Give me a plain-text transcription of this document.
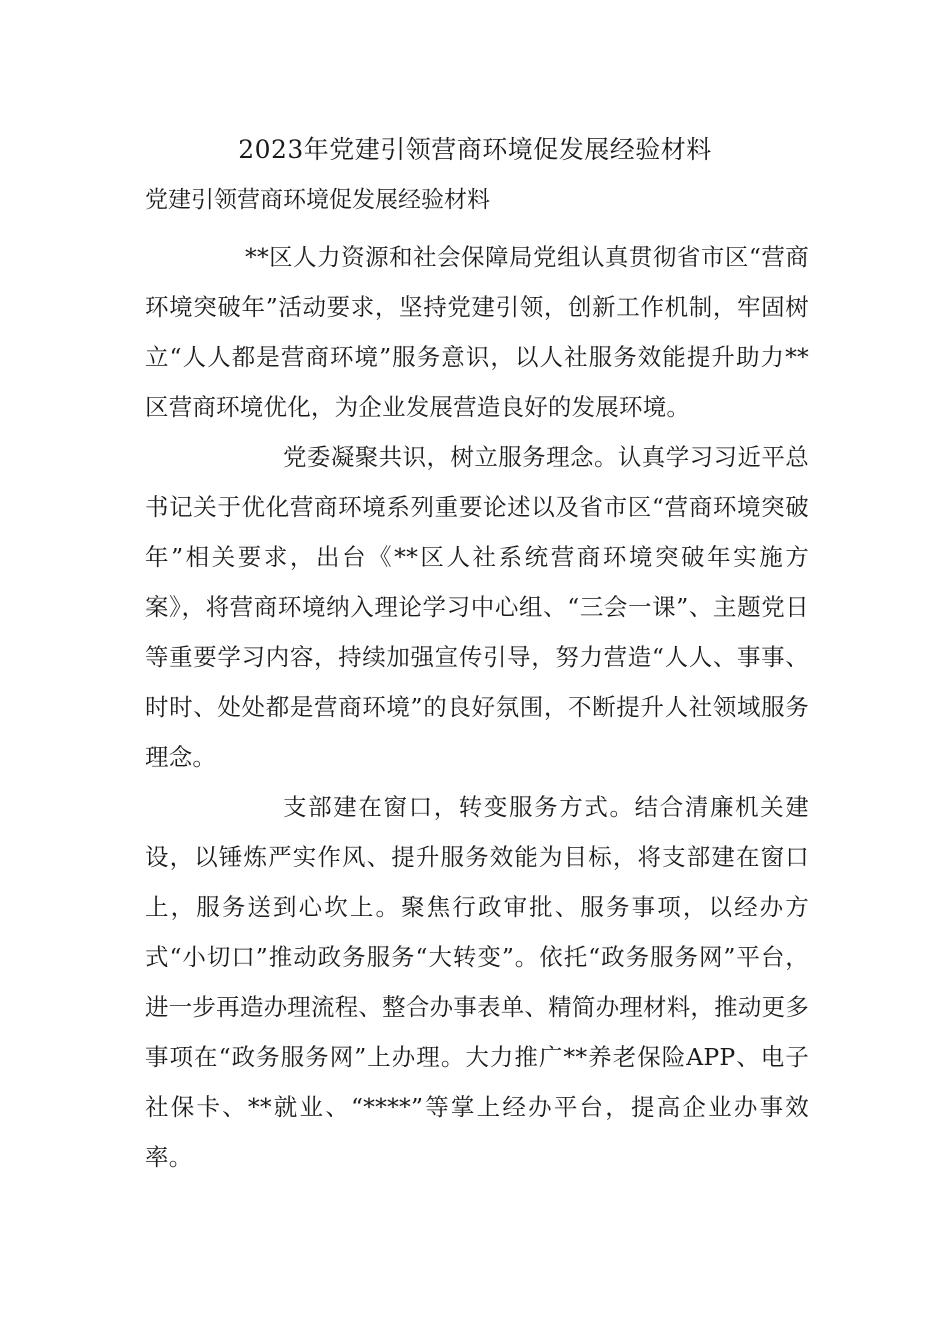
2023年党建引领营商环境促发展经验材料
党建引领营商环境促发展经验材料

**区人力资源和社会保障局党组认真贯彻省市区“营商环境突破年”活动要求，坚持党建引领，创新工作机制，牢固树立“人人都是营商环境”服务意识，以人社服务效能提升助力**区营商环境优化，为企业发展营造良好的发展环境。

党委凝聚共识，树立服务理念。认真学习习近平总书记关于优化营商环境系列重要论述以及省市区“营商环境突破年”相关要求，出台《**区人社系统营商环境突破年实施方案》，将营商环境纳入理论学习中心组、“三会一课”、主题党日等重要学习内容，持续加强宣传引导，努力营造“人人、事事、时时、处处都是营商环境”的良好氛围，不断提升人社领域服务理念。

支部建在窗口，转变服务方式。结合清廉机关建设，以锤炼严实作风、提升服务效能为目标，将支部建在窗口上，服务送到心坎上。聚焦行政审批、服务事项，以经办方式“小切口”推动政务服务“大转变”。依托“政务服务网”平台，进一步再造办理流程、整合办事表单、精简办理材料，推动更多事项在“政务服务网”上办理。大力推广**养老保险APP、电子社保卡、**就业、“****”等掌上经办平台，提高企业办事效率。
